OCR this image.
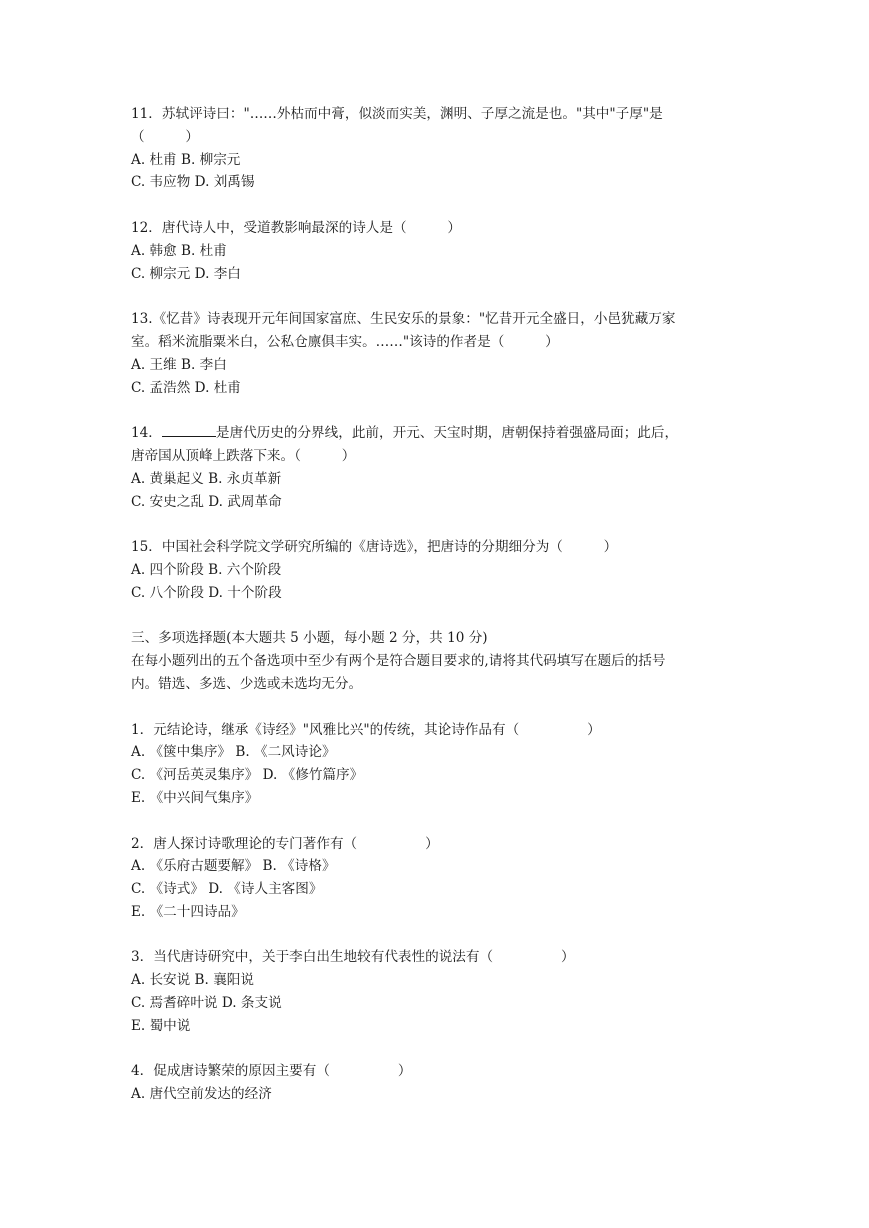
11．苏轼评诗曰："……外枯而中膏，似淡而实美，渊明、子厚之流是也。"其中"子厚"是

（　　　）

A. 杜甫 B. 柳宗元

C. 韦应物 D. 刘禹锡

12．唐代诗人中，受道教影响最深的诗人是（　　　）

A. 韩愈 B. 杜甫

C. 柳宗元 D. 李白

13.《忆昔》诗表现开元年间国家富庶、生民安乐的景象："忆昔开元全盛日，小邑犹藏万家

室。稻米流脂粟米白，公私仓廪俱丰实。……"该诗的作者是（　　　）

A. 王维 B. 李白

C. 孟浩然 D. 杜甫

14．	是唐代历史的分界线，此前，开元、天宝时期，唐朝保持着强盛局面；此后，

唐帝国从顶峰上跌落下来。（　　　）

A. 黄巢起义 B. 永贞革新

C. 安史之乱 D. 武周革命

15．中国社会科学院文学研究所编的《唐诗选》，把唐诗的分期细分为（　　　）

A. 四个阶段 B. 六个阶段

C. 八个阶段 D. 十个阶段

三、多项选择题(本大题共 5 小题，每小题 2 分，共 10 分)

在每小题列出的五个备选项中至少有两个是符合题目要求的,请将其代码填写在题后的括号

内。错选、多选、少选或未选均无分。

1．元结论诗，继承《诗经》"风雅比兴"的传统，其论诗作品有（　　　　　）

A. 《箧中集序》 B. 《二风诗论》

C. 《河岳英灵集序》 D. 《修竹篇序》

E. 《中兴间气集序》

2．唐人探讨诗歌理论的专门著作有（　　　　　）

A. 《乐府古题要解》 B. 《诗格》

C. 《诗式》 D. 《诗人主客图》

E. 《二十四诗品》

3．当代唐诗研究中，关于李白出生地较有代表性的说法有（　　　　　）

A. 长安说 B. 襄阳说

C. 焉耆碎叶说 D. 条支说

E. 蜀中说

4．促成唐诗繁荣的原因主要有（　　　　　）

A. 唐代空前发达的经济
